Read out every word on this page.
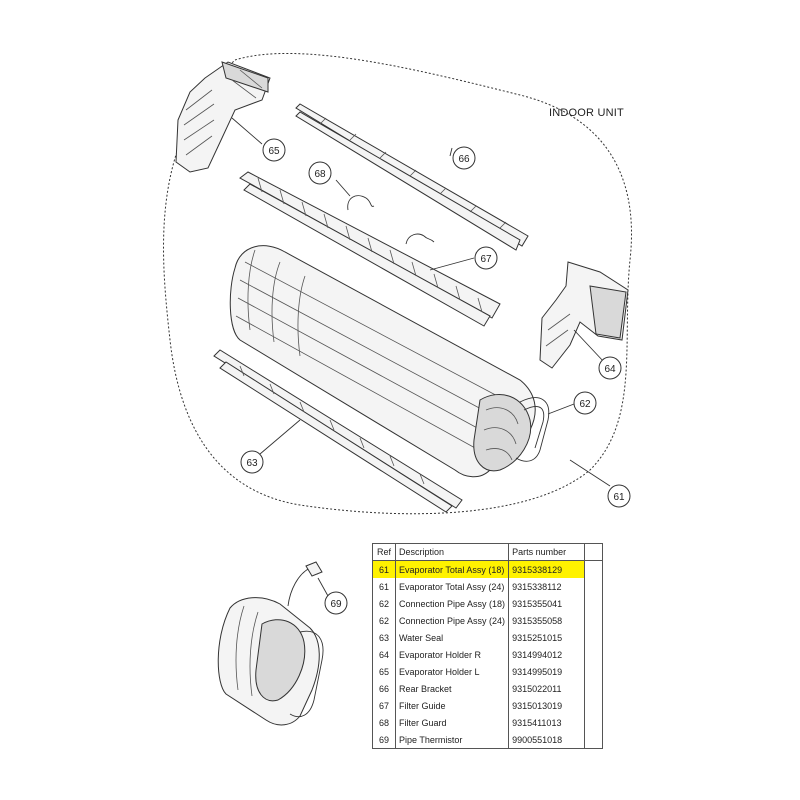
65
66
68
67
64
62
63
61
69
INDOOR UNIT
Ref	Description	Parts number	
61	Evaporator Total Assy (18)	9315338129	
61	Evaporator Total Assy (24)	9315338112	
62	Connection Pipe Assy (18)	9315355041	
62	Connection Pipe Assy (24)	9315355058	
63	Water Seal	9315251015	
64	Evaporator Holder R	9314994012	
65	Evaporator Holder L	9314995019	
66	Rear Bracket	9315022011	
67	Filter Guide	9315013019	
68	Filter Guard	9315411013	
69	Pipe Thermistor	9900551018	
